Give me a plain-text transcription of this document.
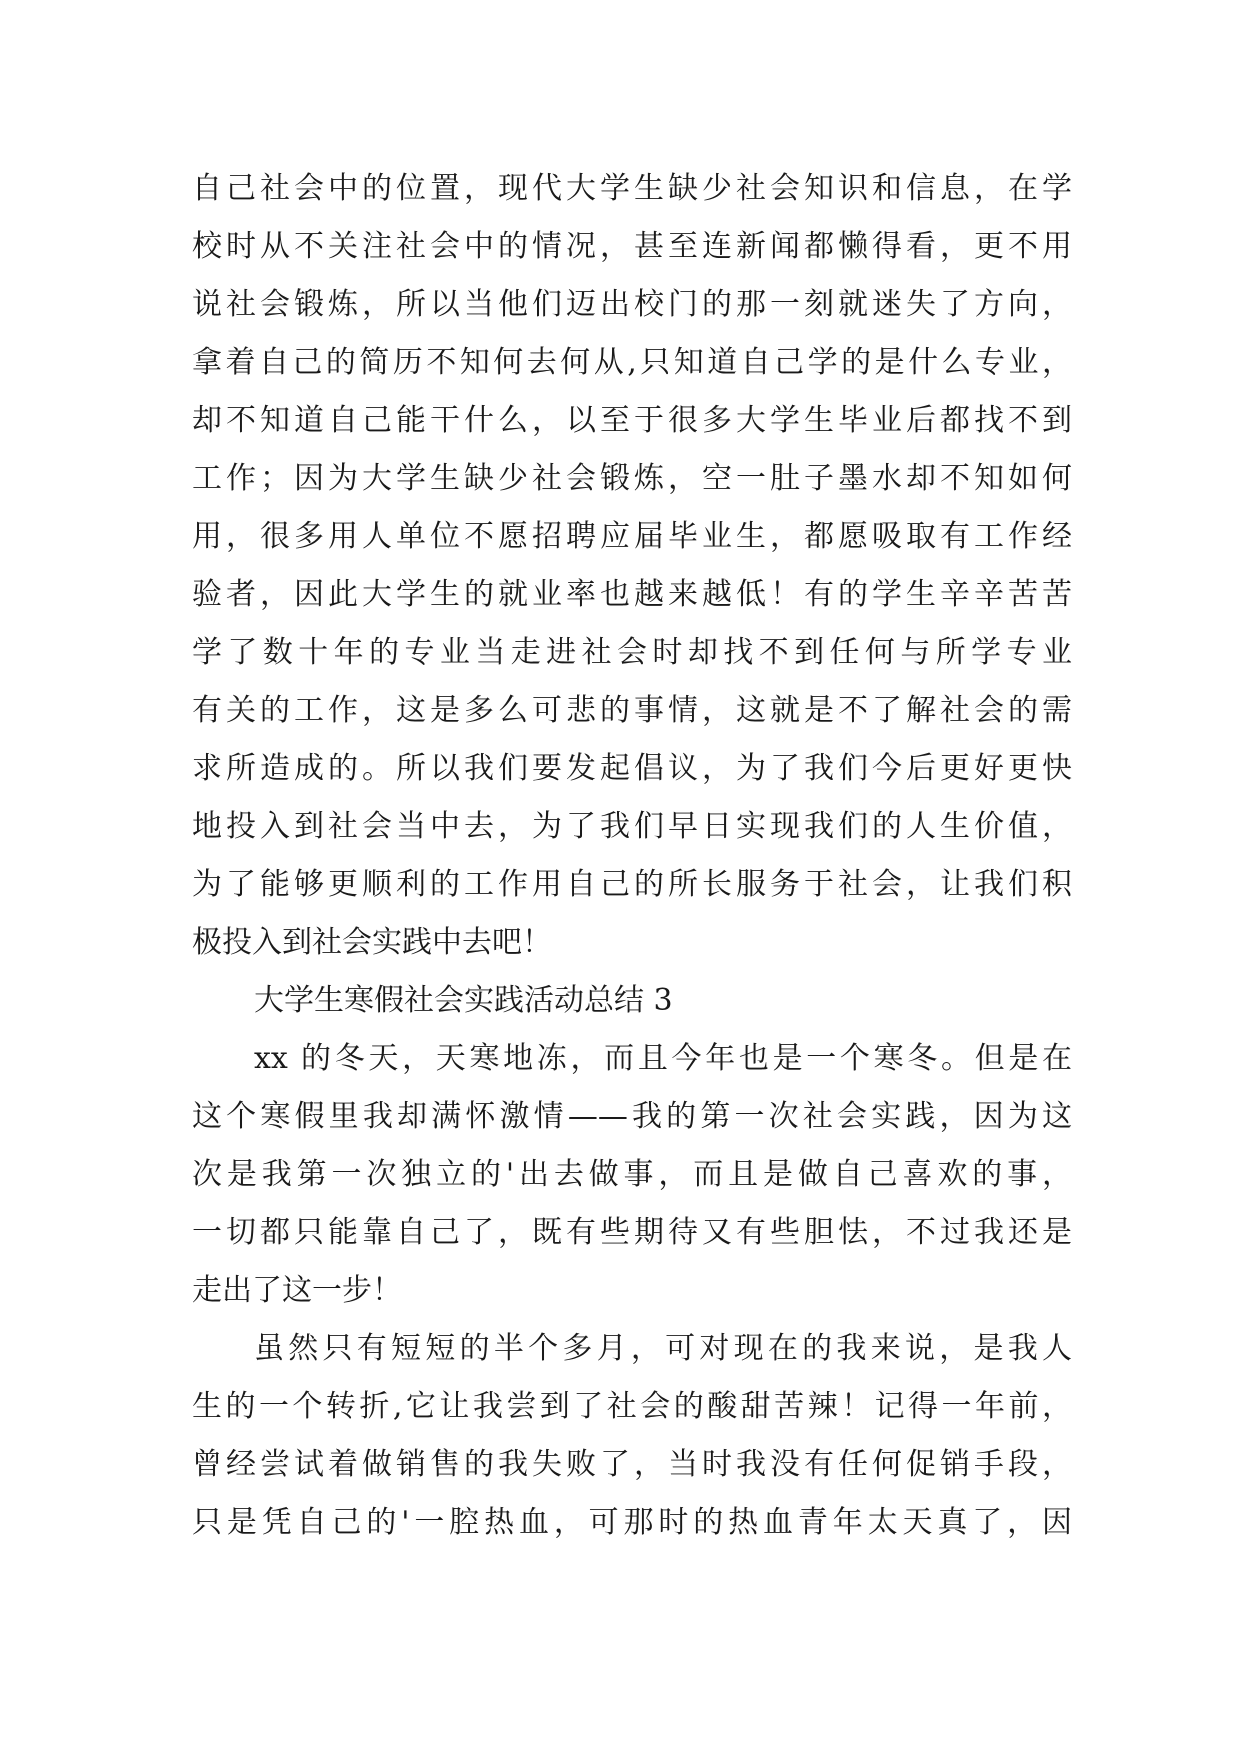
自己社会中的位置，现代大学生缺少社会知识和信息，在学
校时从不关注社会中的情况，甚至连新闻都懒得看，更不用
说社会锻炼，所以当他们迈出校门的那一刻就迷失了方向，
拿着自己的简历不知何去何从,只知道自己学的是什么专业，
却不知道自己能干什么，以至于很多大学生毕业后都找不到
工作；因为大学生缺少社会锻炼，空一肚子墨水却不知如何
用，很多用人单位不愿招聘应届毕业生，都愿吸取有工作经
验者，因此大学生的就业率也越来越低！有的学生辛辛苦苦
学了数十年的专业当走进社会时却找不到任何与所学专业
有关的工作，这是多么可悲的事情，这就是不了解社会的需
求所造成的。所以我们要发起倡议，为了我们今后更好更快
地投入到社会当中去，为了我们早日实现我们的人生价值，
为了能够更顺利的工作用自己的所长服务于社会，让我们积
极投入到社会实践中去吧！
大学生寒假社会实践活动总结 3
xx 的冬天，天寒地冻，而且今年也是一个寒冬。但是在
这个寒假里我却满怀激情——我的第一次社会实践，因为这
次是我第一次独立的'出去做事，而且是做自己喜欢的事，
一切都只能靠自己了，既有些期待又有些胆怯，不过我还是
走出了这一步！
虽然只有短短的半个多月，可对现在的我来说，是我人
生的一个转折,它让我尝到了社会的酸甜苦辣！记得一年前，
曾经尝试着做销售的我失败了，当时我没有任何促销手段，
只是凭自己的'一腔热血，可那时的热血青年太天真了，因
